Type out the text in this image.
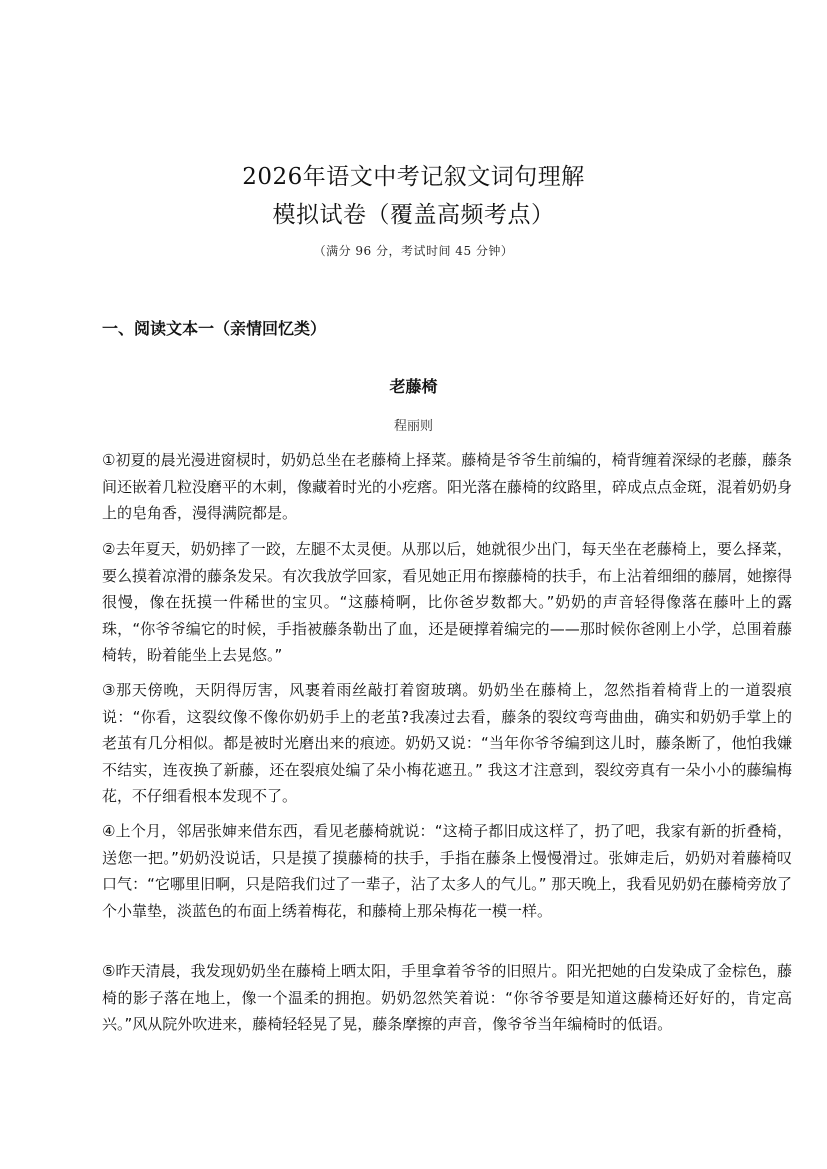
2026年语文中考记叙文词句理解
模拟试卷（覆盖高频考点）
（满分 96 分，考试时间 45 分钟）
一、阅读文本一（亲情回忆类）
老藤椅
程丽则

①初夏的晨光漫进窗棂时，奶奶总坐在老藤椅上择菜。藤椅是爷爷生前编的，椅背缠着深绿的老藤，藤条间还嵌着几粒没磨平的木刺，像藏着时光的小疙瘩。阳光落在藤椅的纹路里，碎成点点金斑，混着奶奶身上的皂角香，漫得满院都是。

②去年夏天，奶奶摔了一跤，左腿不太灵便。从那以后，她就很少出门，每天坐在老藤椅上，要么择菜，要么摸着凉滑的藤条发呆。有次我放学回家，看见她正用布擦藤椅的扶手，布上沾着细细的藤屑，她擦得很慢，像在抚摸一件稀世的宝贝。“这藤椅啊，比你爸岁数都大。”奶奶的声音轻得像落在藤叶上的露珠，“你爷爷编它的时候，手指被藤条勒出了血，还是硬撑着编完的——那时候你爸刚上小学，总围着藤椅转，盼着能坐上去晃悠。”

③那天傍晚，天阴得厉害，风裹着雨丝敲打着窗玻璃。奶奶坐在藤椅上，忽然指着椅背上的一道裂痕说：“你看，这裂纹像不像你奶奶手上的老茧?我凑过去看，藤条的裂纹弯弯曲曲，确实和奶奶手掌上的老茧有几分相似。都是被时光磨出来的痕迹。奶奶又说：“当年你爷爷编到这儿时，藤条断了，他怕我嫌不结实，连夜换了新藤，还在裂痕处编了朵小梅花遮丑。” 我这才注意到，裂纹旁真有一朵小小的藤编梅花，不仔细看根本发现不了。

④上个月，邻居张婶来借东西，看见老藤椅就说：“这椅子都旧成这样了，扔了吧，我家有新的折叠椅，送您一把。”奶奶没说话，只是摸了摸藤椅的扶手，手指在藤条上慢慢滑过。张婶走后，奶奶对着藤椅叹口气：“它哪里旧啊，只是陪我们过了一辈子，沾了太多人的气儿。” 那天晚上，我看见奶奶在藤椅旁放了个小靠垫，淡蓝色的布面上绣着梅花，和藤椅上那朵梅花一模一样。

⑤昨天清晨，我发现奶奶坐在藤椅上晒太阳，手里拿着爷爷的旧照片。阳光把她的白发染成了金棕色，藤椅的影子落在地上，像一个温柔的拥抱。奶奶忽然笑着说：“你爷爷要是知道这藤椅还好好的，肯定高兴。”风从院外吹进来，藤椅轻轻晃了晃，藤条摩擦的声音，像爷爷当年编椅时的低语。
